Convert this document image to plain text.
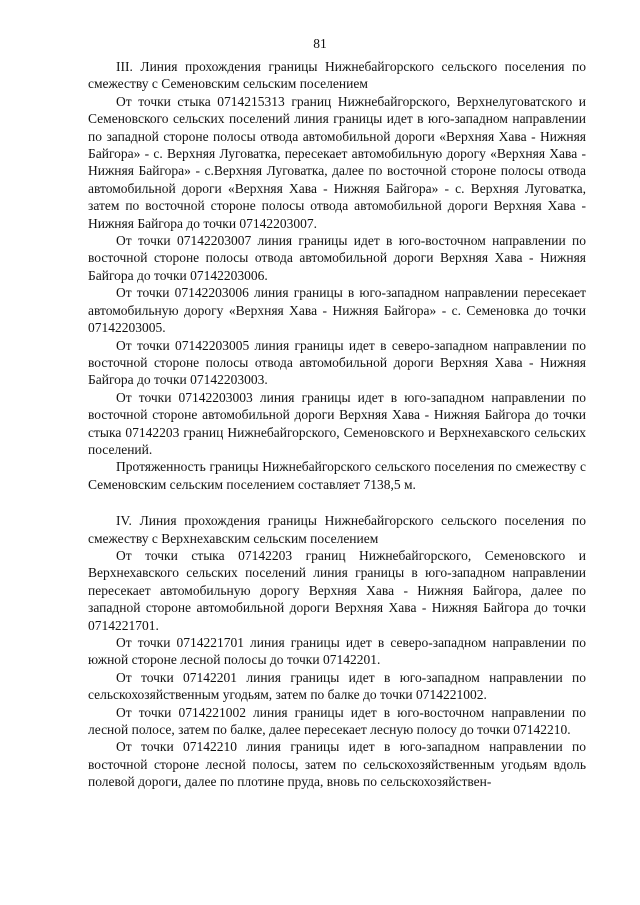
81

III. Линия прохождения границы Нижнебайгорского сельского поселения по смежеству с Семеновским сельским поселением

От точки стыка 0714215313 границ Нижнебайгорского, Верхнелуговатского и Семеновского сельских поселений линия границы идет в юго-западном направлении по западной стороне полосы отвода автомобильной дороги «Верхняя Хава - Нижняя Байгора» - с. Верхняя Луговатка, пересекает автомобильную дорогу «Верхняя Хава - Нижняя Байгора» - с.Верхняя Луговатка, далее по восточной стороне полосы отвода автомобильной дороги «Верхняя Хава - Нижняя Байгора» - с. Верхняя Луговатка, затем по восточной стороне полосы отвода автомобильной дороги Верхняя Хава - Нижняя Байгора до точки 07142203007.

От точки 07142203007 линия границы идет в юго-восточном направлении по восточной стороне полосы отвода автомобильной дороги Верхняя Хава - Нижняя Байгора до точки 07142203006.

От точки 07142203006 линия границы в юго-западном направлении пересекает автомобильную дорогу «Верхняя Хава - Нижняя Байгора» - с. Семеновка до точки 07142203005.

От точки 07142203005 линия границы идет в северо-западном направлении по восточной стороне полосы отвода автомобильной дороги Верхняя Хава - Нижняя Байгора до точки 07142203003.

От точки 07142203003 линия границы идет в юго-западном направлении по восточной стороне автомобильной дороги Верхняя Хава - Нижняя Байгора до точки стыка 07142203 границ Нижнебайгорского, Семеновского и Верхнехавского сельских поселений.

Протяженность границы Нижнебайгорского сельского поселения по смежеству с Семеновским сельским поселением составляет 7138,5 м.

IV. Линия прохождения границы Нижнебайгорского сельского поселения по смежеству с Верхнехавским сельским поселением

От точки стыка 07142203 границ Нижнебайгорского, Семеновского и Верхнехавского сельских поселений линия границы в юго-западном направлении пересекает автомобильную дорогу Верхняя Хава - Нижняя Байгора, далее по западной стороне автомобильной дороги Верхняя Хава - Нижняя Байгора до точки 0714221701.

От точки 0714221701 линия границы идет в северо-западном направлении по южной стороне лесной полосы до точки 07142201.

От точки 07142201 линия границы идет в юго-западном направлении по сельскохозяйственным угодьям, затем по балке до точки 0714221002.

От точки 0714221002 линия границы идет в юго-восточном направлении по лесной полосе, затем по балке, далее пересекает лесную полосу до точки 07142210.

От точки 07142210 линия границы идет в юго-западном направлении по восточной стороне лесной полосы, затем по сельскохозяйственным угодьям вдоль полевой дороги, далее по плотине пруда, вновь по сельскохозяйствен-
